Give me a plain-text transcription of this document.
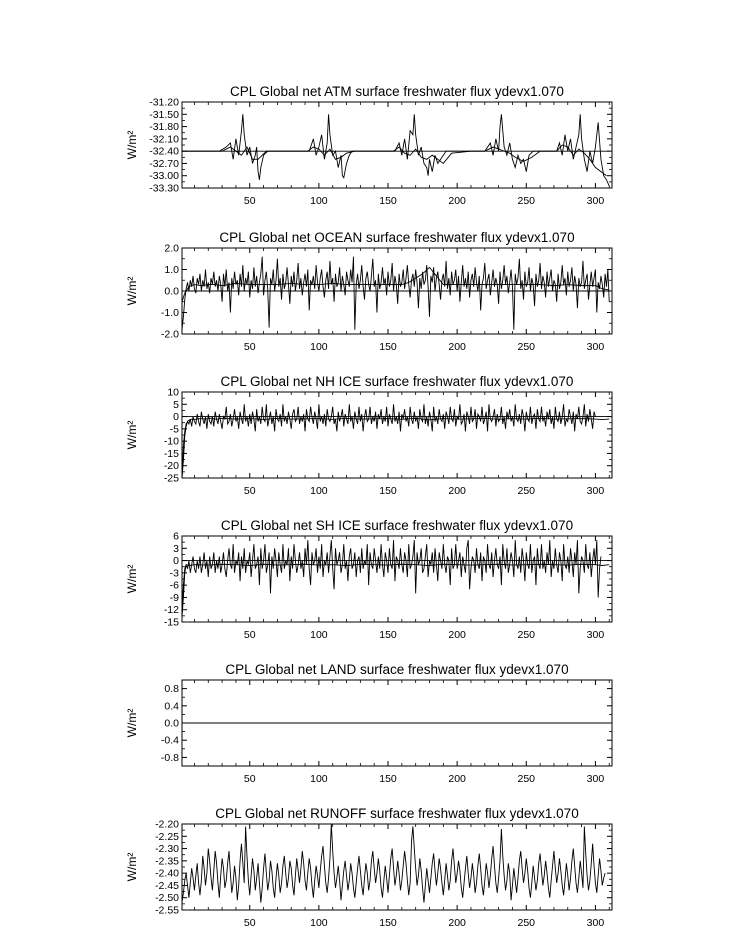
CPL Global net ATM surface freshwater flux ydevx1.070
W/m²
-31.20
-31.50
-31.80
-32.10
-32.40
-32.70
-33.00
-33.30
50	100	150	200	250	300
CPL Global net OCEAN surface freshwater flux ydevx1.070
W/m²
-2.0
-1.0
0.0
1.0
2.0
50	100	150	200	250	300
CPL Global net NH ICE surface freshwater flux ydevx1.070
W/m²
10
5
0
-5
-10
-15
-20
-25
50	100	150	200	250	300
CPL Global net SH ICE surface freshwater flux ydevx1.070
W/m²
6
3
0
-3
-6
-9
-12
-15
50	100	150	200	250	300
CPL Global net LAND surface freshwater flux ydevx1.070
W/m²
0.8
0.4
0.0
-0.4
-0.8
50	100	150	200	250	300
CPL Global net RUNOFF surface freshwater flux ydevx1.070
W/m²
-2.20
-2.25
-2.30
-2.35
-2.40
-2.45
-2.50
-2.55
50	100	150	200	250	300
